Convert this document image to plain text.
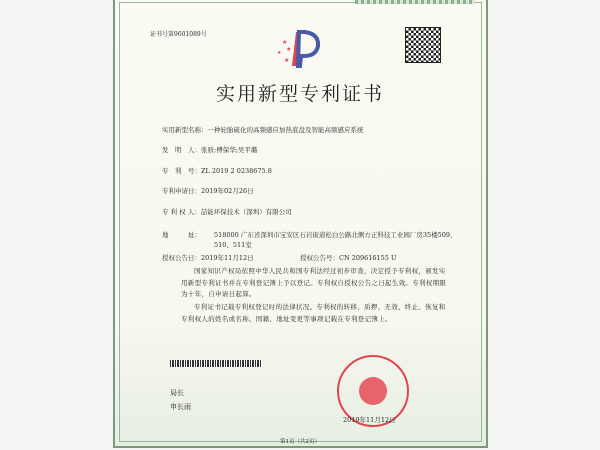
证书号第9601089号
★
★
★
★
实用新型专利证书
实用新型名称：一种轮胎硫化的高频感应加热底盘及智能高频感应系统
发　明　人：张骄;傅保华;吴平璐
专　利　号：ZL 2019 2 0238675.8
专利申请日：2019年02月26日
专 利 权 人：喆能环保技术（深圳）有限公司
地　　　址： 518000 广东省深圳市宝安区石岩街道松白公路北侧方正科技工业园厂房35楼509、510、511室
授权公告日：2019年11月12日	授权公告号：CN 209616155 U
国家知识产权局依照中华人民共和国专利法经过初步审查，决定授予专利权，颁发实用新型专利证书并在专利登记簿上予以登记。专利权自授权公告之日起生效。专利权期限为十年，自申请日起算。
专利证书记载专利权登记时的法律状况。专利权的转移、质押、无效、终止、恢复和专利权人的姓名或名称、国籍、地址变更等事项记载在专利登记簿上。
局长
申长雨
2019年11月12日
第1页（共2页）
